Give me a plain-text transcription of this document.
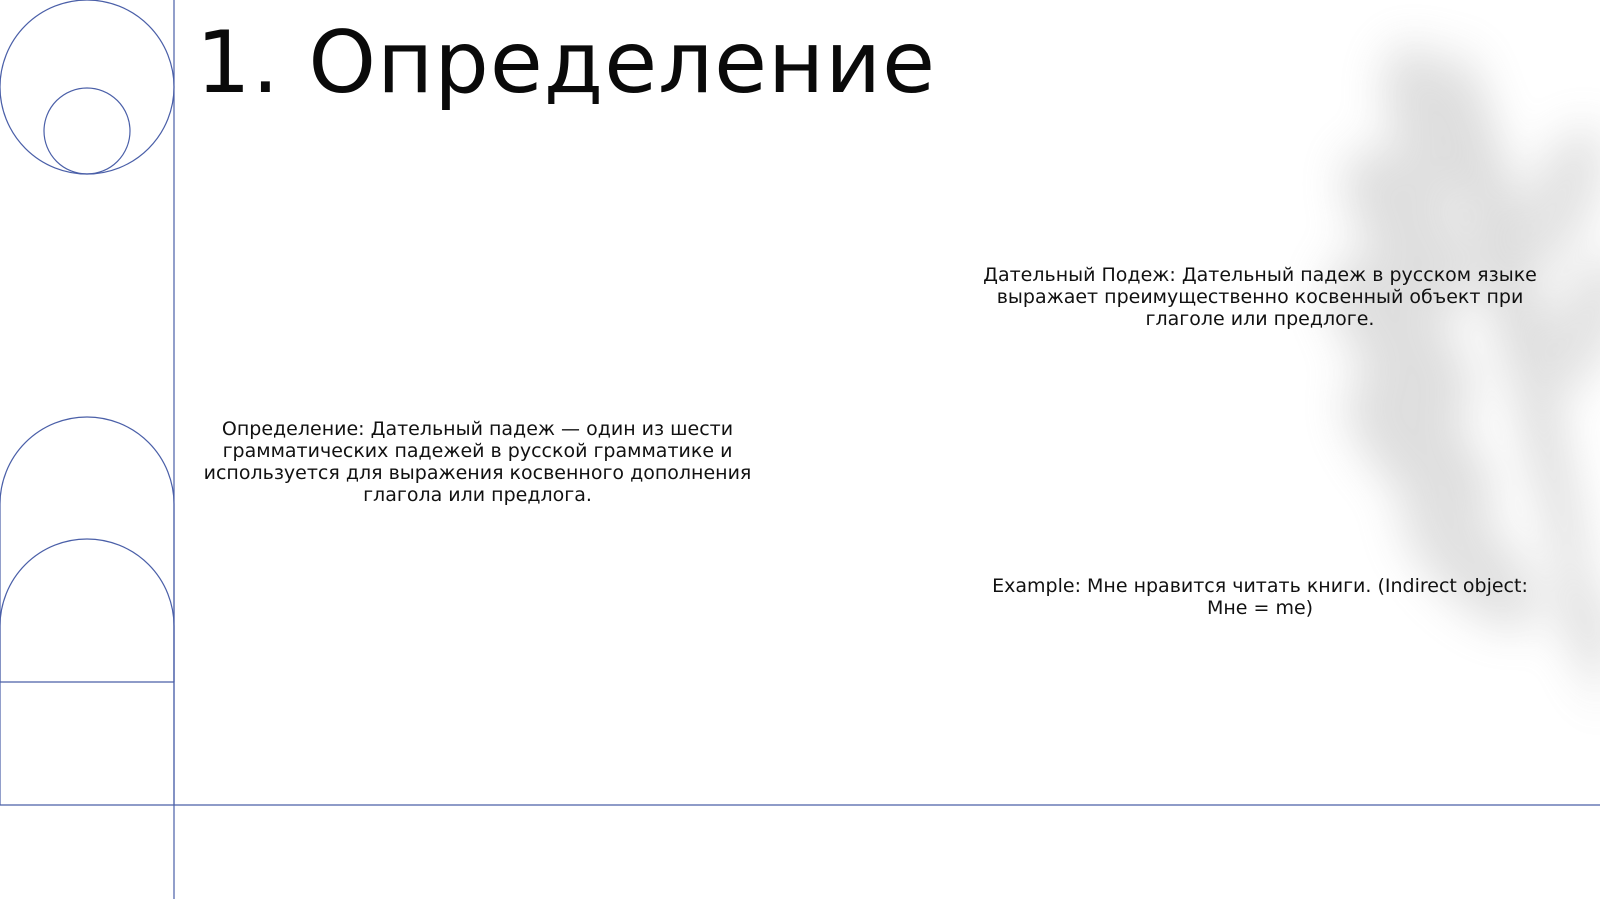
1. Определение

Определение: Дательный падеж — один из шести грамматических падежей в русской грамматике и используется для выражения косвенного дополнения глагола или предлога.

Дательный Подеж: Дательный падеж в русском языке выражает преимущественно косвенный объект при глаголе или предлоге.

Example: Мне нравится читать книги. (Indirect object: Мне = me)
